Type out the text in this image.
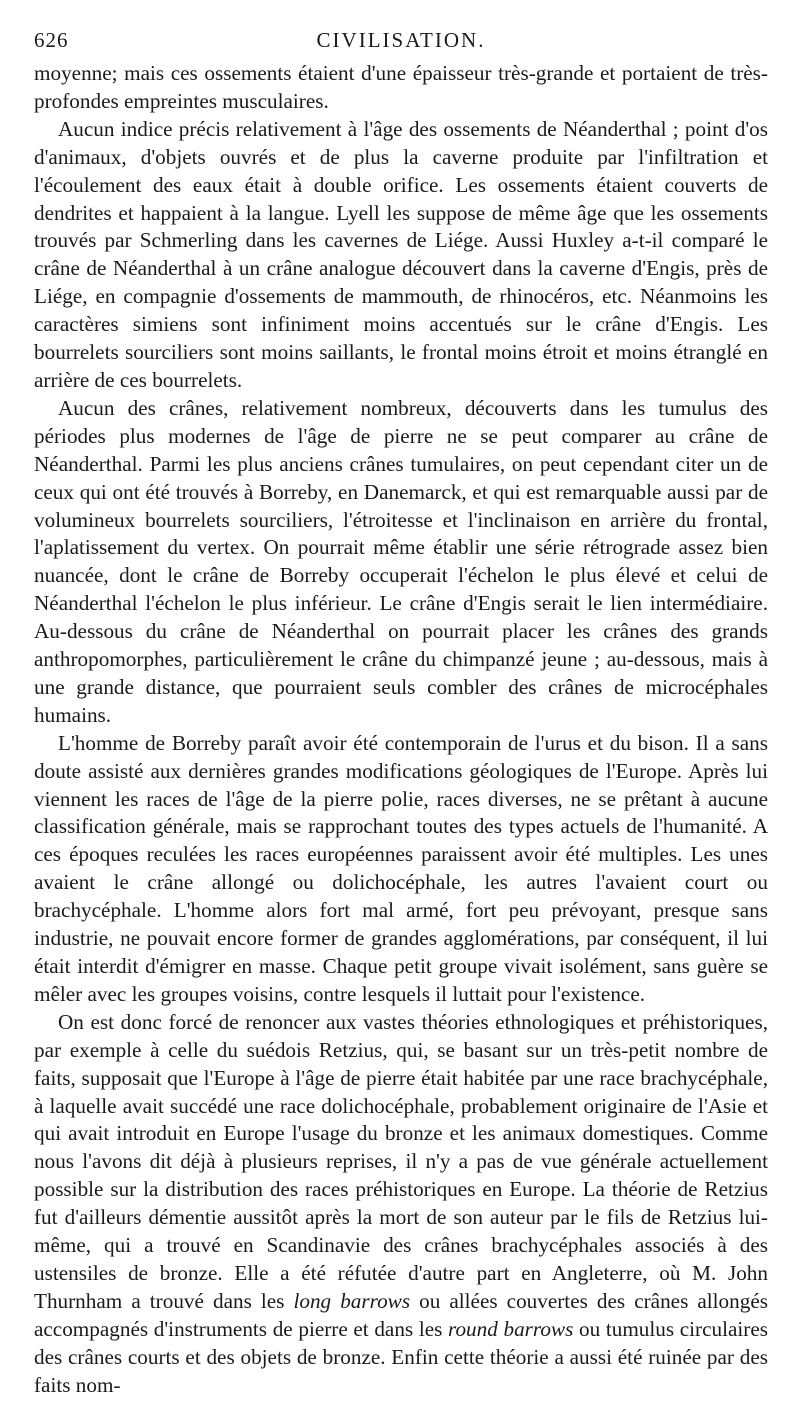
626	CIVILISATION.

moyenne; mais ces ossements étaient d'une épaisseur très-grande et portaient de très-profondes empreintes musculaires.

Aucun indice précis relativement à l'âge des ossements de Néanderthal ; point d'os d'animaux, d'objets ouvrés et de plus la caverne produite par l'infiltration et l'écoulement des eaux était à double orifice. Les ossements étaient couverts de dendrites et happaient à la langue. Lyell les suppose de même âge que les ossements trouvés par Schmerling dans les cavernes de Liége. Aussi Huxley a-t-il comparé le crâne de Néanderthal à un crâne analogue découvert dans la caverne d'Engis, près de Liége, en compagnie d'ossements de mammouth, de rhinocéros, etc. Néanmoins les caractères simiens sont infiniment moins accentués sur le crâne d'Engis. Les bourrelets sourciliers sont moins saillants, le frontal moins étroit et moins étranglé en arrière de ces bourrelets.

Aucun des crânes, relativement nombreux, découverts dans les tumulus des périodes plus modernes de l'âge de pierre ne se peut comparer au crâne de Néanderthal. Parmi les plus anciens crânes tumulaires, on peut cependant citer un de ceux qui ont été trouvés à Borreby, en Danemarck, et qui est remarquable aussi par de volumineux bourrelets sourciliers, l'étroitesse et l'inclinaison en arrière du frontal, l'aplatissement du vertex. On pourrait même établir une série rétrograde assez bien nuancée, dont le crâne de Borreby occuperait l'échelon le plus élevé et celui de Néanderthal l'échelon le plus inférieur. Le crâne d'Engis serait le lien intermédiaire. Au-dessous du crâne de Néanderthal on pourrait placer les crânes des grands anthropomorphes, particulièrement le crâne du chimpanzé jeune ; au-dessous, mais à une grande distance, que pourraient seuls combler des crânes de microcéphales humains.

L'homme de Borreby paraît avoir été contemporain de l'urus et du bison. Il a sans doute assisté aux dernières grandes modifications géologiques de l'Europe. Après lui viennent les races de l'âge de la pierre polie, races diverses, ne se prêtant à aucune classification générale, mais se rapprochant toutes des types actuels de l'humanité. A ces époques reculées les races européennes paraissent avoir été multiples. Les unes avaient le crâne allongé ou dolichocéphale, les autres l'avaient court ou brachycéphale. L'homme alors fort mal armé, fort peu prévoyant, presque sans industrie, ne pouvait encore former de grandes agglomérations, par conséquent, il lui était interdit d'émigrer en masse. Chaque petit groupe vivait isolément, sans guère se mêler avec les groupes voisins, contre lesquels il luttait pour l'existence.

On est donc forcé de renoncer aux vastes théories ethnologiques et préhistoriques, par exemple à celle du suédois Retzius, qui, se basant sur un très-petit nombre de faits, supposait que l'Europe à l'âge de pierre était habitée par une race brachycéphale, à laquelle avait succédé une race dolichocéphale, probablement originaire de l'Asie et qui avait introduit en Europe l'usage du bronze et les animaux domestiques. Comme nous l'avons dit déjà à plusieurs reprises, il n'y a pas de vue générale actuellement possible sur la distribution des races préhistoriques en Europe. La théorie de Retzius fut d'ailleurs démentie aussitôt après la mort de son auteur par le fils de Retzius lui-même, qui a trouvé en Scandinavie des crânes brachycéphales associés à des ustensiles de bronze. Elle a été réfutée d'autre part en Angleterre, où M. John Thurnham a trouvé dans les long barrows ou allées couvertes des crânes allongés accompagnés d'instruments de pierre et dans les round barrows ou tumulus circulaires des crânes courts et des objets de bronze. Enfin cette théorie a aussi été ruinée par des faits nom-
